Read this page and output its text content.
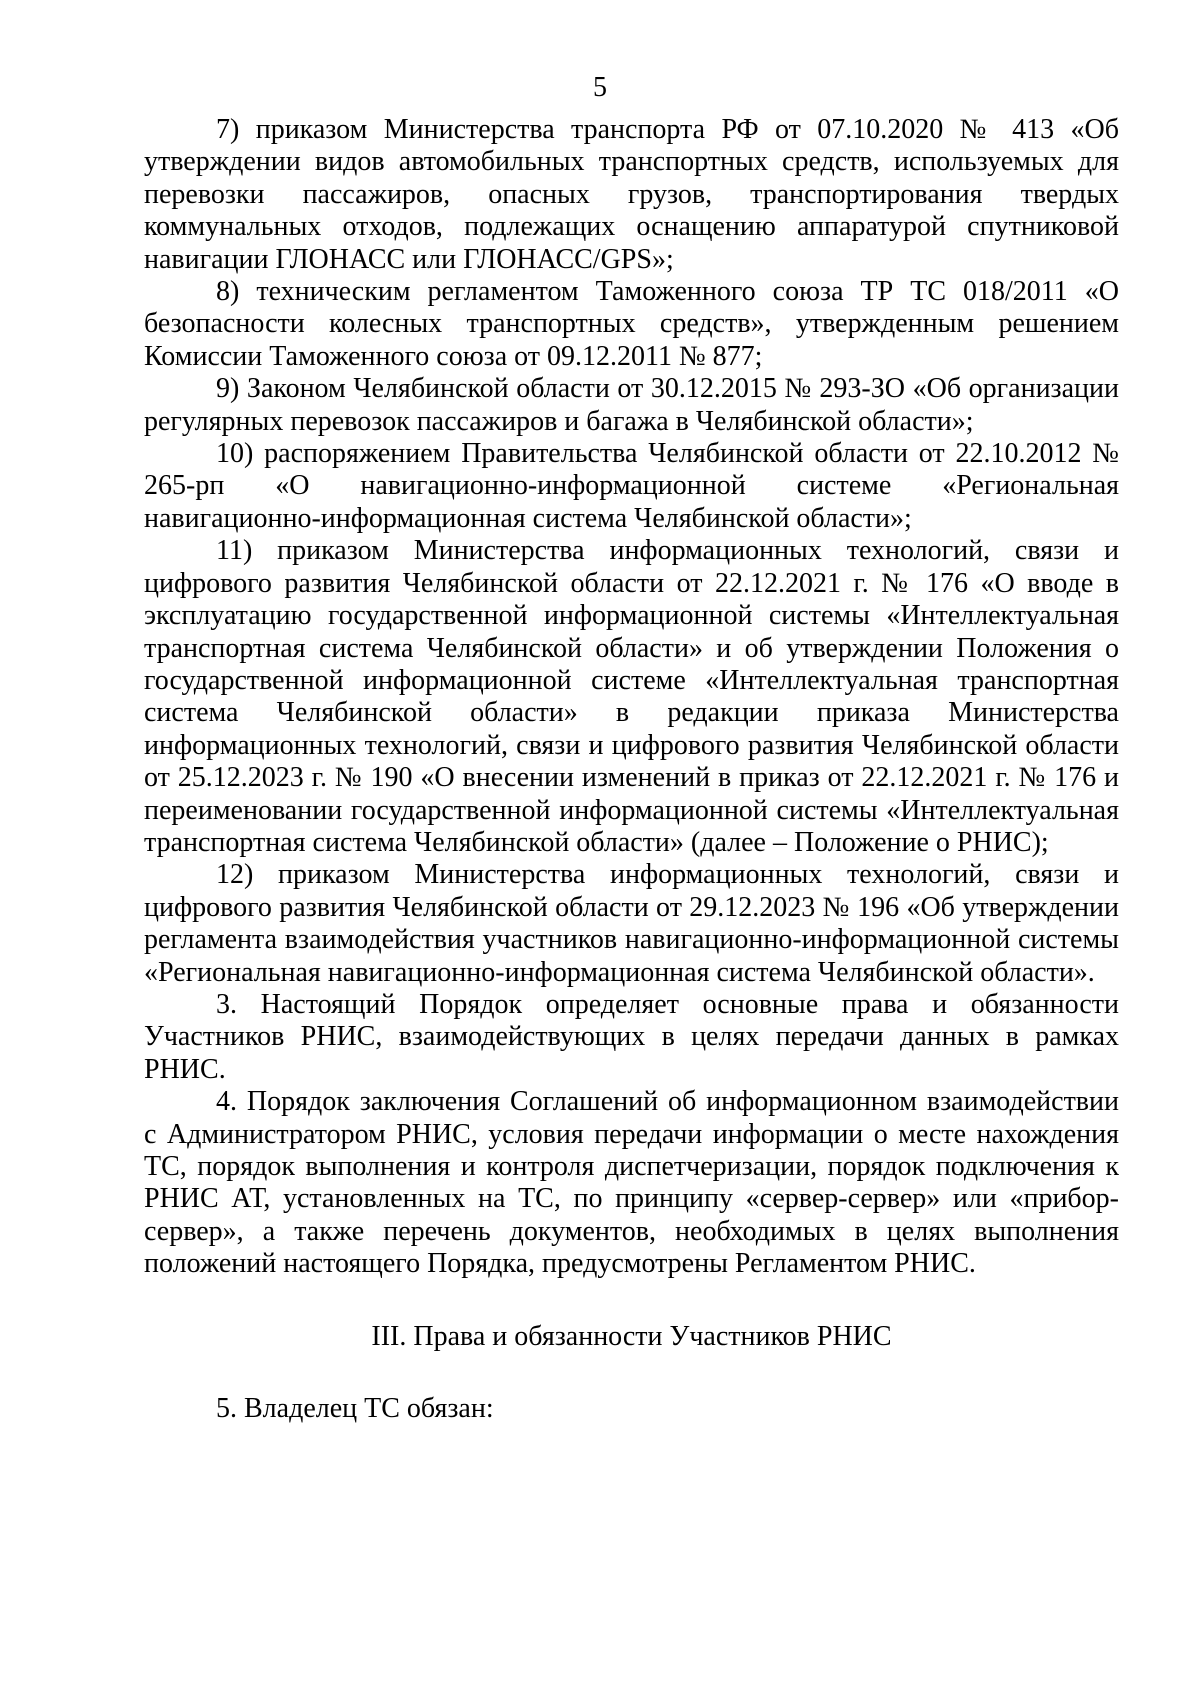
5

7) приказом Министерства транспорта РФ от 07.10.2020 № 413 «Об утверждении видов автомобильных транспортных средств, используемых для перевозки пассажиров, опасных грузов, транспортирования твердых коммунальных отходов, подлежащих оснащению аппаратурой спутниковой навигации ГЛОНАСС или ГЛОНАСС/GPS»;

8) техническим регламентом Таможенного союза ТР ТС 018/2011 «О безопасности колесных транспортных средств», утвержденным решением Комиссии Таможенного союза от 09.12.2011 № 877;

9) Законом Челябинской области от 30.12.2015 № 293-ЗО «Об организации регулярных перевозок пассажиров и багажа в Челябинской области»;

10) распоряжением Правительства Челябинской области от 22.10.2012 № 265-рп «О навигационно-информационной системе «Региональная навигационно-информационная система Челябинской области»;

11) приказом Министерства информационных технологий, связи и цифрового развития Челябинской области от 22.12.2021 г. № 176 «О вводе в эксплуатацию государственной информационной системы «Интеллектуальная транспортная система Челябинской области» и об утверждении Положения о государственной информационной системе «Интеллектуальная транспортная система Челябинской области» в редакции приказа Министерства информационных технологий, связи и цифрового развития Челябинской области от 25.12.2023 г. № 190 «О внесении изменений в приказ от 22.12.2021 г. № 176 и переименовании государственной информационной системы «Интеллектуальная транспортная система Челябинской области» (далее – Положение о РНИС);

12) приказом Министерства информационных технологий, связи и цифрового развития Челябинской области от 29.12.2023 № 196 «Об утверждении регламента взаимодействия участников навигационно-информационной системы «Региональная навигационно-информационная система Челябинской области».

3. Настоящий Порядок определяет основные права и обязанности Участников РНИС, взаимодействующих в целях передачи данных в рамках РНИС.

4. Порядок заключения Соглашений об информационном взаимодействии с Администратором РНИС, условия передачи информации о месте нахождения ТС, порядок выполнения и контроля диспетчеризации, порядок подключения к РНИС АТ, установленных на ТС, по принципу «сервер-сервер» или «прибор-сервер», а также перечень документов, необходимых в целях выполнения положений настоящего Порядка, предусмотрены Регламентом РНИС.

III. Права и обязанности Участников РНИС

5. Владелец ТС обязан:
